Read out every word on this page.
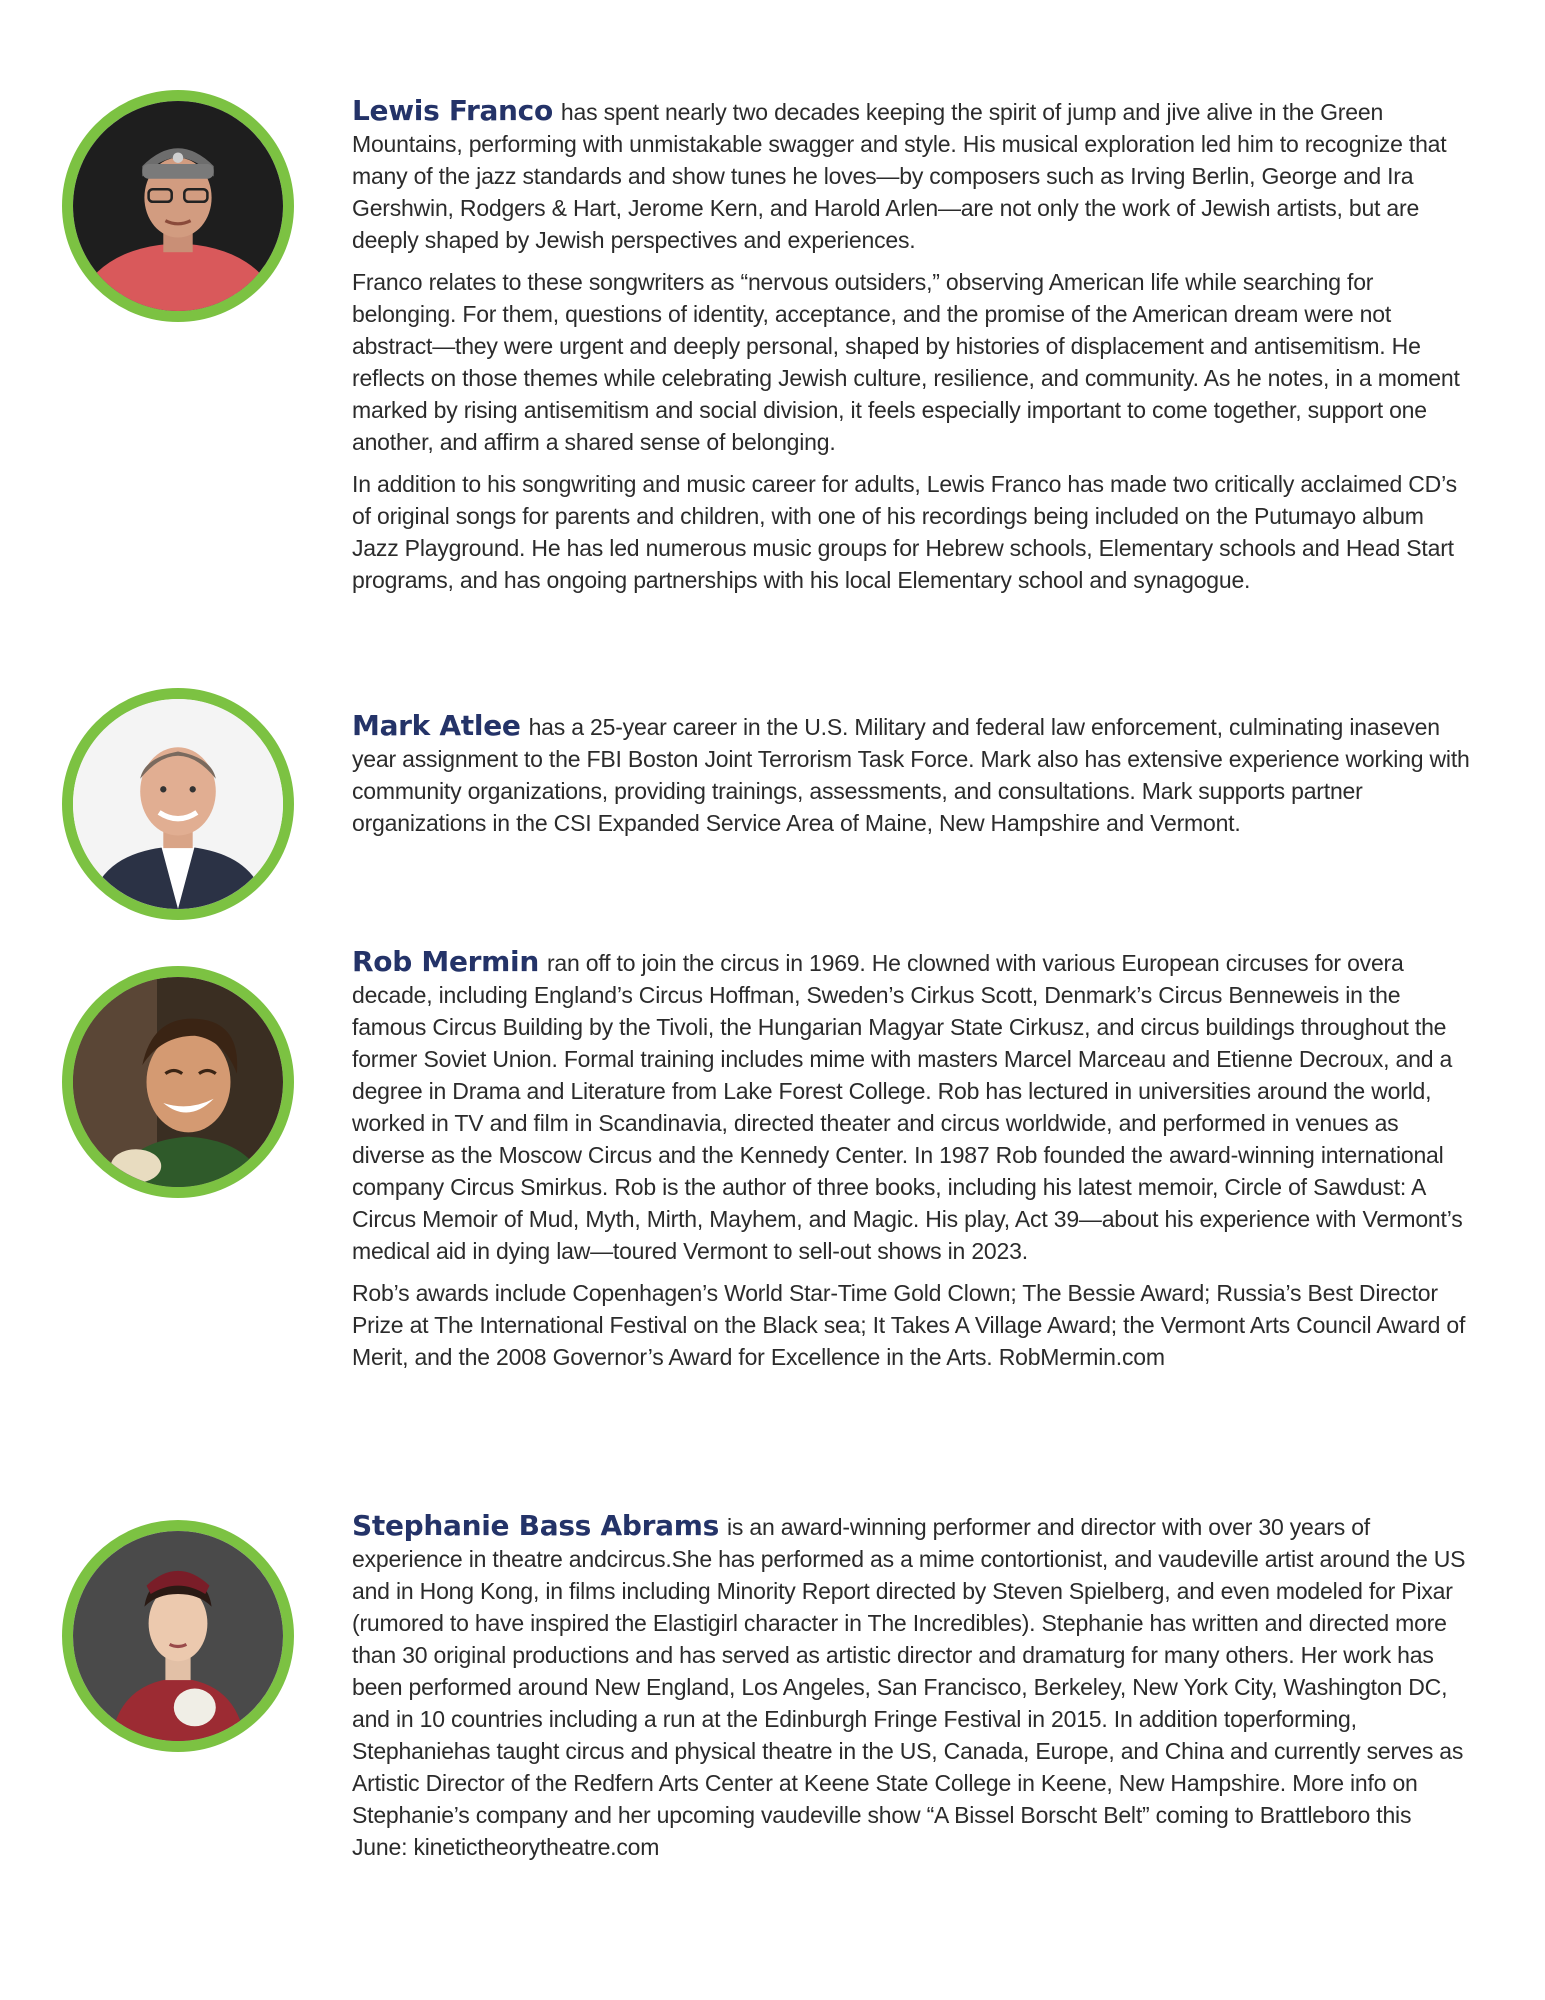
Lewis Franco has spent nearly two decades keeping the spirit of jump and jive alive in the Green Mountains, performing with unmistakable swagger and style. His musical exploration led him to recognize that many of the jazz standards and show tunes he loves—by composers such as Irving Berlin, George and Ira Gershwin, Rodgers & Hart, Jerome Kern, and Harold Arlen—are not only the work of Jewish artists, but are deeply shaped by Jewish perspectives and experiences.

Franco relates to these songwriters as “nervous outsiders,” observing American life while searching for belonging. For them, questions of identity, acceptance, and the promise of the American dream were not abstract—they were urgent and deeply personal, shaped by histories of displacement and antisemitism. He reflects on those themes while celebrating Jewish culture, resilience, and community. As he notes, in a moment marked by rising antisemitism and social division, it feels especially important to come together, support one another, and affirm a shared sense of belonging.

In addition to his songwriting and music career for adults, Lewis Franco has made two critically acclaimed CD’s of original songs for parents and children, with one of his recordings being included on the Putumayo album Jazz Playground. He has led numerous music groups for Hebrew schools, Elementary schools and Head Start programs, and has ongoing partnerships with his local Elementary school and synagogue.

Mark Atlee has a 25-year career in the U.S. Military and federal law enforcement, culminating inaseven year assignment to the FBI Boston Joint Terrorism Task Force. Mark also has extensive experience working with community organizations, providing trainings, assessments, and consultations. Mark supports partner organizations in the CSI Expanded Service Area of Maine, New Hampshire and Vermont.

Rob Mermin ran off to join the circus in 1969. He clowned with various European circuses for overa decade, including England’s Circus Hoffman, Sweden’s Cirkus Scott, Denmark’s Circus Benneweis in the famous Circus Building by the Tivoli, the Hungarian Magyar State Cirkusz, and circus buildings throughout the former Soviet Union. Formal training includes mime with masters Marcel Marceau and Etienne Decroux, and a degree in Drama and Literature from Lake Forest College. Rob has lectured in universities around the world, worked in TV and film in Scandinavia, directed theater and circus worldwide, and performed in venues as diverse as the Moscow Circus and the Kennedy Center. In 1987 Rob founded the award-winning international company Circus Smirkus. Rob is the author of three books, including his latest memoir, Circle of Sawdust: A Circus Memoir of Mud, Myth, Mirth, Mayhem, and Magic. His play, Act 39—about his experience with Vermont’s medical aid in dying law—toured Vermont to sell-out shows in 2023.

Rob’s awards include Copenhagen’s World Star-Time Gold Clown; The Bessie Award; Russia’s Best Director Prize at The International Festival on the Black sea; It Takes A Village Award; the Vermont Arts Council Award of Merit, and the 2008 Governor’s Award for Excellence in the Arts. RobMermin.com

Stephanie Bass Abrams is an award-winning performer and director with over 30 years of experience in theatre andcircus.She has performed as a mime contortionist, and vaudeville artist around the US and in Hong Kong, in films including Minority Report directed by Steven Spielberg, and even modeled for Pixar (rumored to have inspired the Elastigirl character in The Incredibles). Stephanie has written and directed more than 30 original productions and has served as artistic director and dramaturg for many others. Her work has been performed around New England, Los Angeles, San Francisco, Berkeley, New York City, Washington DC, and in 10 countries including a run at the Edinburgh Fringe Festival in 2015. In addition toperforming, Stephaniehas taught circus and physical theatre in the US, Canada, Europe, and China and currently serves as Artistic Director of the Redfern Arts Center at Keene State College in Keene, New Hampshire. More info on Stephanie’s company and her upcoming vaudeville show “A Bissel Borscht Belt” coming to Brattleboro this June: kinetictheorytheatre.com
